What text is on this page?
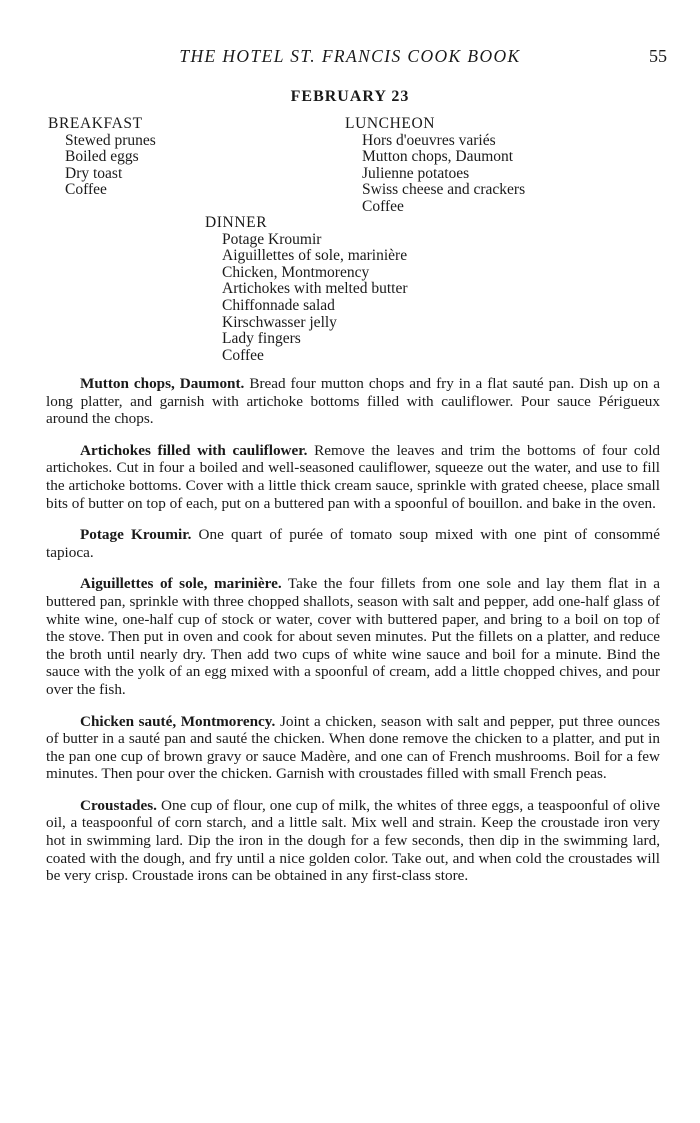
THE HOTEL ST. FRANCIS COOK BOOK	55
FEBRUARY 23
BREAKFAST
Stewed prunes
Boiled eggs
Dry toast
Coffee
LUNCHEON
Hors d'oeuvres variés
Mutton chops, Daumont
Julienne potatoes
Swiss cheese and crackers
Coffee
DINNER
Potage Kroumir
Aiguillettes of sole, marinière
Chicken, Montmorency
Artichokes with melted butter
Chiffonnade salad
Kirschwasser jelly
Lady fingers
Coffee

Mutton chops, Daumont. Bread four mutton chops and fry in a flat sauté pan. Dish up on a long platter, and garnish with artichoke bottoms filled with cauliflower. Pour sauce Périgueux around the chops.

Artichokes filled with cauliflower. Remove the leaves and trim the bottoms of four cold artichokes. Cut in four a boiled and well-seasoned cauliflower, squeeze out the water, and use to fill the artichoke bottoms. Cover with a little thick cream sauce, sprinkle with grated cheese, place small bits of butter on top of each, put on a buttered pan with a spoonful of bouillon. and bake in the oven.

Potage Kroumir. One quart of purée of tomato soup mixed with one pint of consommé tapioca.

Aiguillettes of sole, marinière. Take the four fillets from one sole and lay them flat in a buttered pan, sprinkle with three chopped shallots, season with salt and pepper, add one-half glass of white wine, one-half cup of stock or water, cover with buttered paper, and bring to a boil on top of the stove. Then put in oven and cook for about seven minutes. Put the fillets on a platter, and reduce the broth until nearly dry. Then add two cups of white wine sauce and boil for a minute. Bind the sauce with the yolk of an egg mixed with a spoonful of cream, add a little chopped chives, and pour over the fish.

Chicken sauté, Montmorency. Joint a chicken, season with salt and pepper, put three ounces of butter in a sauté pan and sauté the chicken. When done remove the chicken to a platter, and put in the pan one cup of brown gravy or sauce Madère, and one can of French mushrooms. Boil for a few minutes. Then pour over the chicken. Garnish with croustades filled with small French peas.

Croustades. One cup of flour, one cup of milk, the whites of three eggs, a teaspoonful of olive oil, a teaspoonful of corn starch, and a little salt. Mix well and strain. Keep the croustade iron very hot in swimming lard. Dip the iron in the dough for a few seconds, then dip in the swimming lard, coated with the dough, and fry until a nice golden color. Take out, and when cold the croustades will be very crisp. Croustade irons can be obtained in any first-class store.
